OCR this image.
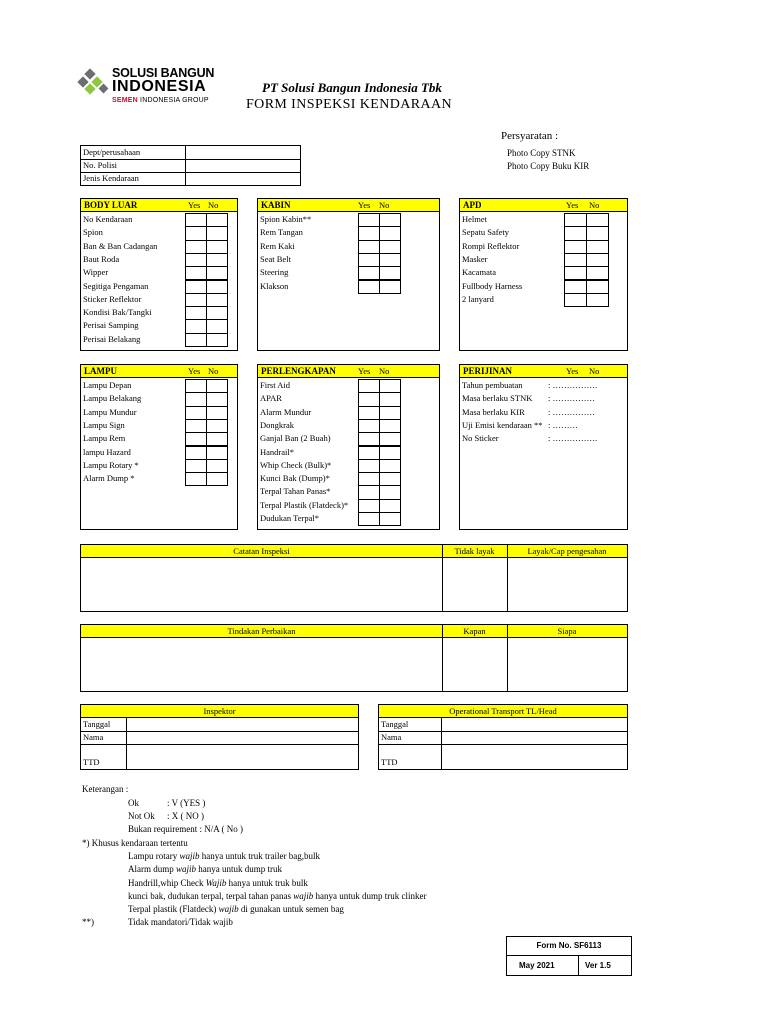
SOLUSI BANGUN
INDONESIA
SEMEN INDONESIA GROUP
PT Solusi Bangun Indonesia Tbk
FORM INSPEKSI KENDARAAN
Persyaratan :
Photo Copy STNK
Photo Copy Buku KIR
Dept/perusahaan
No. Polisi
Jenis Kendaraan
BODY LUAR	Yes No
No Kendaraan
Spion
Ban & Ban Cadangan
Baut Roda
Wipper
Segitiga Pengaman
Sticker Reflektor
Kondisi Bak/Tangki
Perisai Samping
Perisai Belakang
KABIN	Yes No
Spion Kabin**
Rem Tangan
Rem Kaki
Seat Belt
Steering
Klakson
APD	Yes No
Helmet
Sepatu Safety
Rompi Reflektor
Masker
Kacamata
Fullbody Harness
2 lanyard
LAMPU	Yes No
Lampu Depan
Lampu Belakang
Lampu Mundur
Lampu Sign
Lampu Rem
lampu Hazard
Lampu Rotary *
Alarm Dump *
PERLENGKAPAN	Yes No
First Aid
APAR
Alarm Mundur
Dongkrak
Ganjal Ban (2 Buah)
Handrail*
Whip Check (Bulk)*
Kunci Bak (Dump)*
Terpal Tahan Panas*
Terpal Plastik (Flatdeck)*
Dudukan Terpal*
PERIJINAN	Yes No
Tahun pembuatan	: …………….
Masa berlaku STNK : ……………
Masa berlaku KIR	: ……………
Uji Emisi kendaraan ** : ………
No Sticker	: …………….
Catatan Inspeksi	Tidak layak	Layak/Cap pengesahan
Tindakan Perbaikan	Kapan	Siapa
Inspektor
Tanggal
Nama
TTD
Operational Transport TL/Head
Tanggal
Nama
TTD
Keterangan :
Ok	: V (YES )
Not Ok : X ( NO )
Bukan requirement : N/A ( No )
*) Khusus kendaraan tertentu
Lampu rotary wajib hanya untuk truk trailer bag,bulk
Alarm dump wajib hanya untuk dump truk
Handrill,whip Check Wajib hanya untuk truk bulk
kunci bak, dudukan terpal, terpal tahan panas wajib hanya untuk dump truk clinker
Terpal plastik (Flatdeck) wajib di gunakan untuk semen bag
**)	Tidak mandatori/Tidak wajib
Form No. SF6113
May 2021	Ver 1.5
